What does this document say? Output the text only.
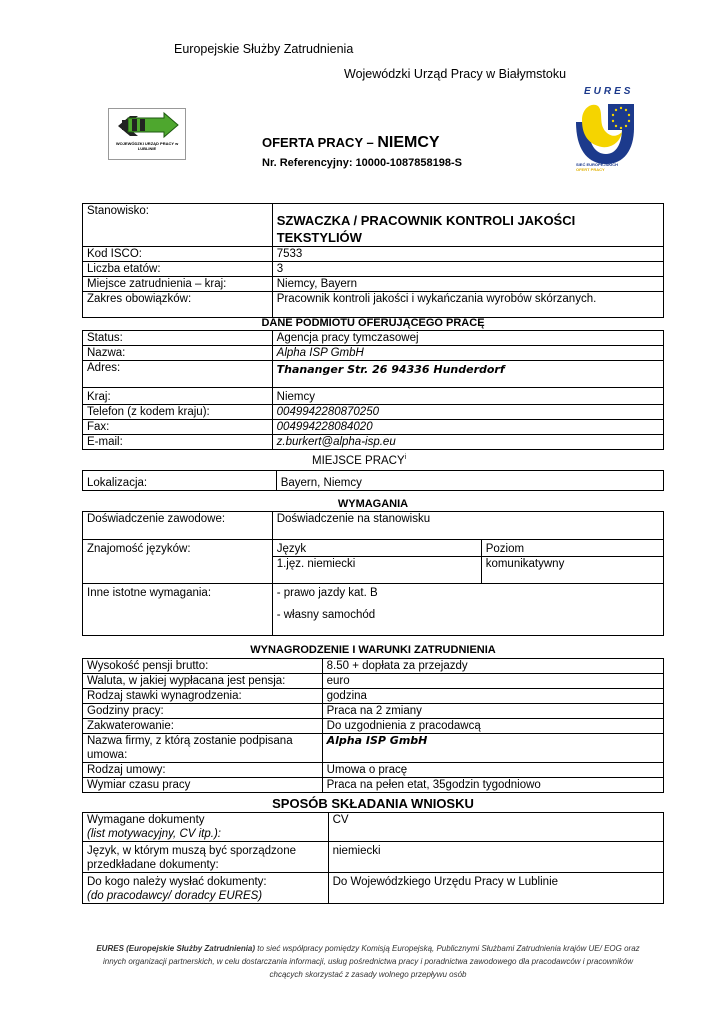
Europejskie Służby Zatrudnienia
Wojewódzki Urząd Pracy w Białymstoku
WOJEWÓDZKI URZĄD PRACY w LUBLINIE
EURES
SIEĆ EUROPEJSKICH
OFERT PRACY
OFERTA PRACY – NIEMCY
Nr. Referencyjny: 10000-1087858198-S
Stanowisko:	SZWACZKA / PRACOWNIK KONTROLI JAKOŚCI TEKSTYLIÓW
Kod ISCO:	7533
Liczba etatów:	3
Miejsce zatrudnienia – kraj:	Niemcy, Bayern
Zakres obowiązków:	Pracownik kontroli jakości i wykańczania wyrobów skórzanych.
DANE PODMIOTU OFERUJĄCEGO PRACĘ
Status:	Agencja pracy tymczasowej
Nazwa:	Alpha ISP GmbH
Adres:	Thananger Str. 26 94336 Hunderdorf
Kraj:	Niemcy
Telefon (z kodem kraju):	004994228087025​0
Fax:	004994228084020
E-mail:	z.burkert@alpha-isp.eu
MIEJSCE PRACY$^i$
Lokalizacja:	Bayern, Niemcy
WYMAGANIA
Doświadczenie zawodowe:	Doświadczenie na stanowisku
Znajomość języków:		Język	Poziom
1.jęz. niemiecki	komunikatywny

Inne istotne wymagania:	- prawo jazdy kat. B
- własny samochód
WYNAGRODZENIE I WARUNKI ZATRUDNIENIA
Wysokość pensji brutto:	8.50 + dopłata za przejazdy
Waluta, w jakiej wypłacana jest pensja:	euro
Rodzaj stawki wynagrodzenia:	godzina
Godziny pracy:	Praca na 2 zmiany
Zakwaterowanie:	Do uzgodnienia z pracodawcą
Nazwa firmy, z którą zostanie podpisana umowa:	Alpha ISP GmbH
Rodzaj umowy:	Umowa o pracę
Wymiar czasu pracy	Praca na pełen etat, 35godzin tygodniowo
SPOSÓB SKŁADANIA WNIOSKU
Wymagane dokumenty
(list motywacyjny, CV itp.):	CV
Język, w którym muszą być sporządzone przedkładane dokumenty:	niemiecki

Do kogo należy wysłać dokumenty:
(do pracodawcy/ doradcy EURES)	Do Wojewódzkiego Urzędu Pracy w Lublinie
EURES (Europejskie Służby Zatrudnienia) to sieć współpracy pomiędzy Komisją Europejską, Publicznymi Służbami Zatrudnienia krajów UE/ EOG oraz innych organizacji partnerskich, w celu dostarczania informacji, usług pośrednictwa pracy i poradnictwa zawodowego dla pracodawców i pracowników chcących skorzystać z zasady wolnego przepływu osób
